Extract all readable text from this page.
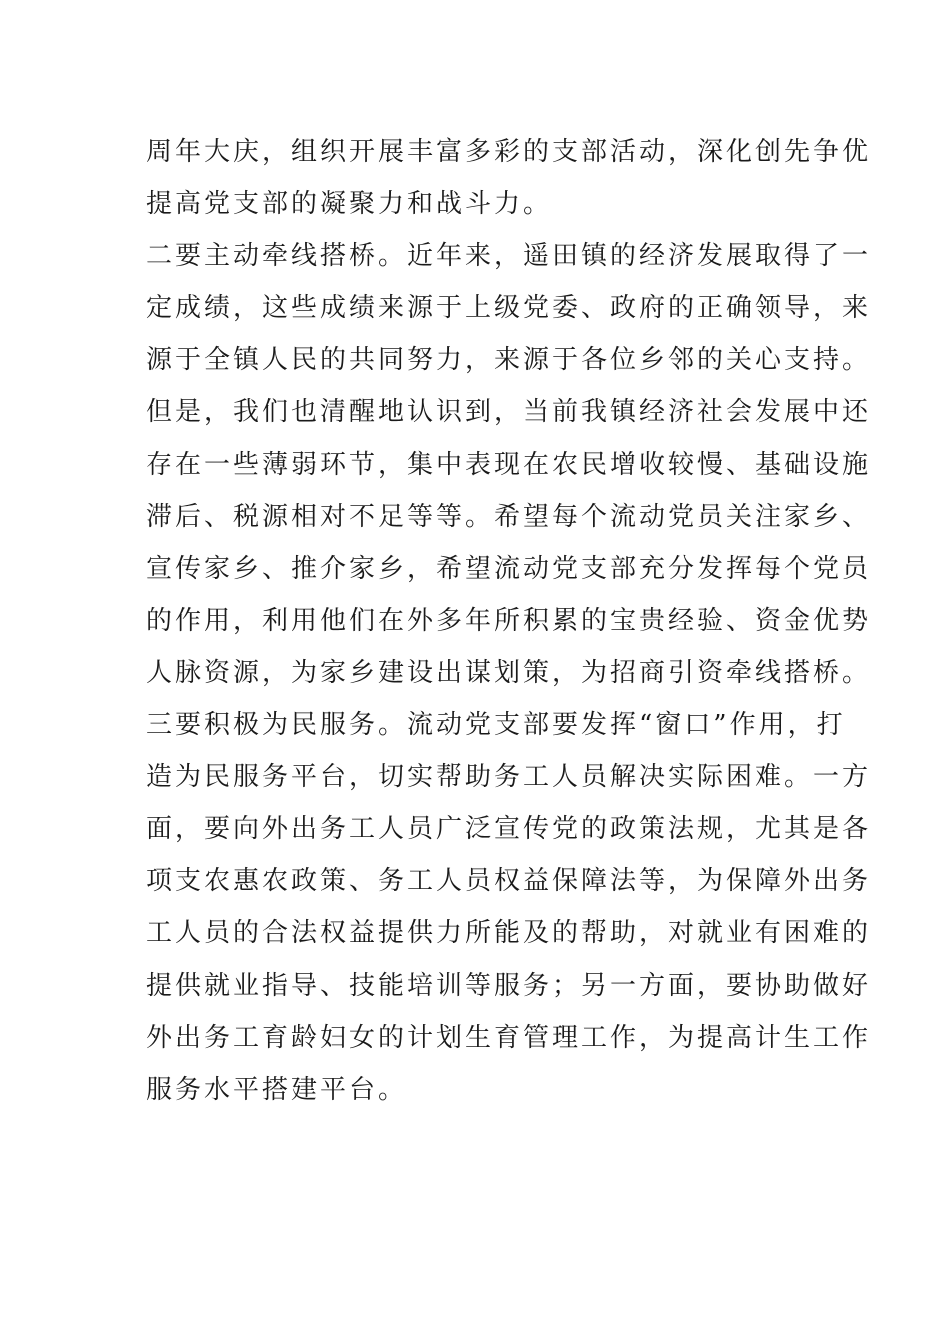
周年大庆，组织开展丰富多彩的支部活动，深化创先争优
提高党支部的凝聚力和战斗力。
二要主动牵线搭桥。近年来，遥田镇的经济发展取得了一
定成绩，这些成绩来源于上级党委、政府的正确领导，来
源于全镇人民的共同努力，来源于各位乡邻的关心支持。
但是，我们也清醒地认识到，当前我镇经济社会发展中还
存在一些薄弱环节，集中表现在农民增收较慢、基础设施
滞后、税源相对不足等等。希望每个流动党员关注家乡、
宣传家乡、推介家乡，希望流动党支部充分发挥每个党员
的作用，利用他们在外多年所积累的宝贵经验、资金优势
人脉资源，为家乡建设出谋划策，为招商引资牵线搭桥。
三要积极为民服务。流动党支部要发挥“窗口”作用，打
造为民服务平台，切实帮助务工人员解决实际困难。一方
面，要向外出务工人员广泛宣传党的政策法规，尤其是各
项支农惠农政策、务工人员权益保障法等，为保障外出务
工人员的合法权益提供力所能及的帮助，对就业有困难的
提供就业指导、技能培训等服务；另一方面，要协助做好
外出务工育龄妇女的计划生育管理工作，为提高计生工作
服务水平搭建平台。
